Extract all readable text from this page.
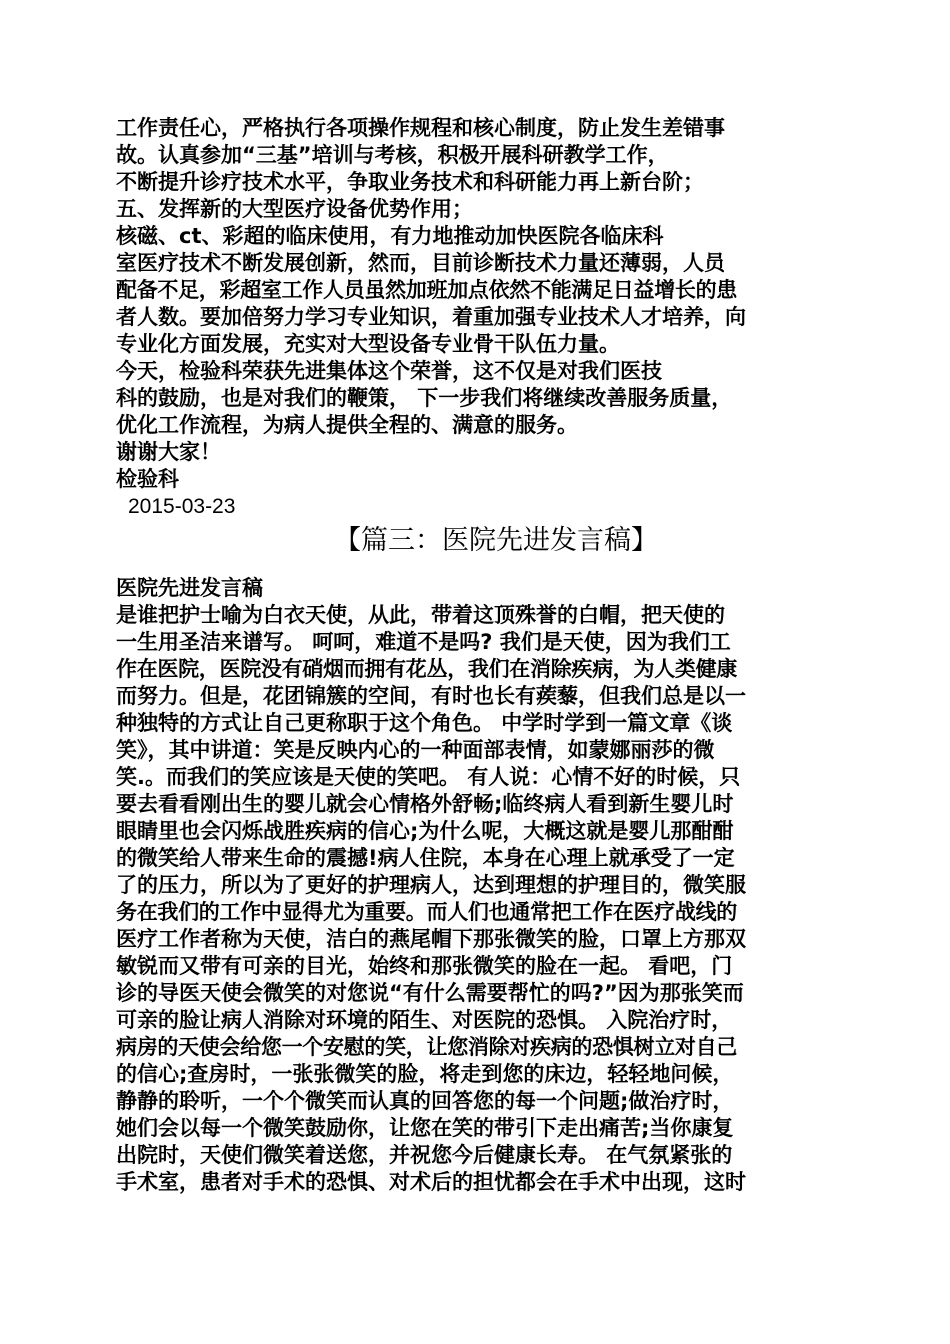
工作责任心，严格执行各项操作规程和核心制度，防止发生差错事
故。认真参加“三基”培训与考核，积极开展科研教学工作，
不断提升诊疗技术水平，争取业务技术和科研能力再上新台阶；
五、发挥新的大型医疗设备优势作用；
核磁、ct、彩超的临床使用，有力地推动加快医院各临床科
室医疗技术不断发展创新，然而，目前诊断技术力量还薄弱，人员
配备不足，彩超室工作人员虽然加班加点依然不能满足日益增长的患
者人数。要加倍努力学习专业知识，着重加强专业技术人才培养，向
专业化方面发展，充实对大型设备专业骨干队伍力量。
今天，检验科荣获先进集体这个荣誉，这不仅是对我们医技
科的鼓励，也是对我们的鞭策， 下一步我们将继续改善服务质量，
优化工作流程，为病人提供全程的、满意的服务。
谢谢大家！
检验科
2015-03-23
【篇三：医院先进发言稿】
医院先进发言稿
是谁把护士喻为白衣天使，从此，带着这顶殊誉的白帽，把天使的
一生用圣洁来谱写。 呵呵，难道不是吗? 我们是天使，因为我们工
作在医院，医院没有硝烟而拥有花丛，我们在消除疾病，为人类健康
而努力。但是，花团锦簇的空间，有时也长有蒺藜，但我们总是以一
种独特的方式让自己更称职于这个角色。 中学时学到一篇文章《谈
笑》，其中讲道：笑是反映内心的一种面部表情，如蒙娜丽莎的微
笑.。而我们的笑应该是天使的笑吧。 有人说：心情不好的时候，只
要去看看刚出生的婴儿就会心情格外舒畅;临终病人看到新生婴儿时
眼睛里也会闪烁战胜疾病的信心;为什么呢，大概这就是婴儿那酣酣
的微笑给人带来生命的震撼!病人住院，本身在心理上就承受了一定
了的压力，所以为了更好的护理病人，达到理想的护理目的，微笑服
务在我们的工作中显得尤为重要。而人们也通常把工作在医疗战线的
医疗工作者称为天使，洁白的燕尾帽下那张微笑的脸，口罩上方那双
敏锐而又带有可亲的目光，始终和那张微笑的脸在一起。 看吧，门
诊的导医天使会微笑的对您说“有什么需要帮忙的吗?”因为那张笑而
可亲的脸让病人消除对环境的陌生、对医院的恐惧。 入院治疗时，
病房的天使会给您一个安慰的笑，让您消除对疾病的恐惧树立对自己
的信心;查房时，一张张微笑的脸，将走到您的床边，轻轻地问候，
静静的聆听，一个个微笑而认真的回答您的每一个问题;做治疗时，
她们会以每一个微笑鼓励你，让您在笑的带引下走出痛苦;当你康复
出院时，天使们微笑着送您，并祝您今后健康长寿。 在气氛紧张的
手术室，患者对手术的恐惧、对术后的担忧都会在手术中出现，这时
